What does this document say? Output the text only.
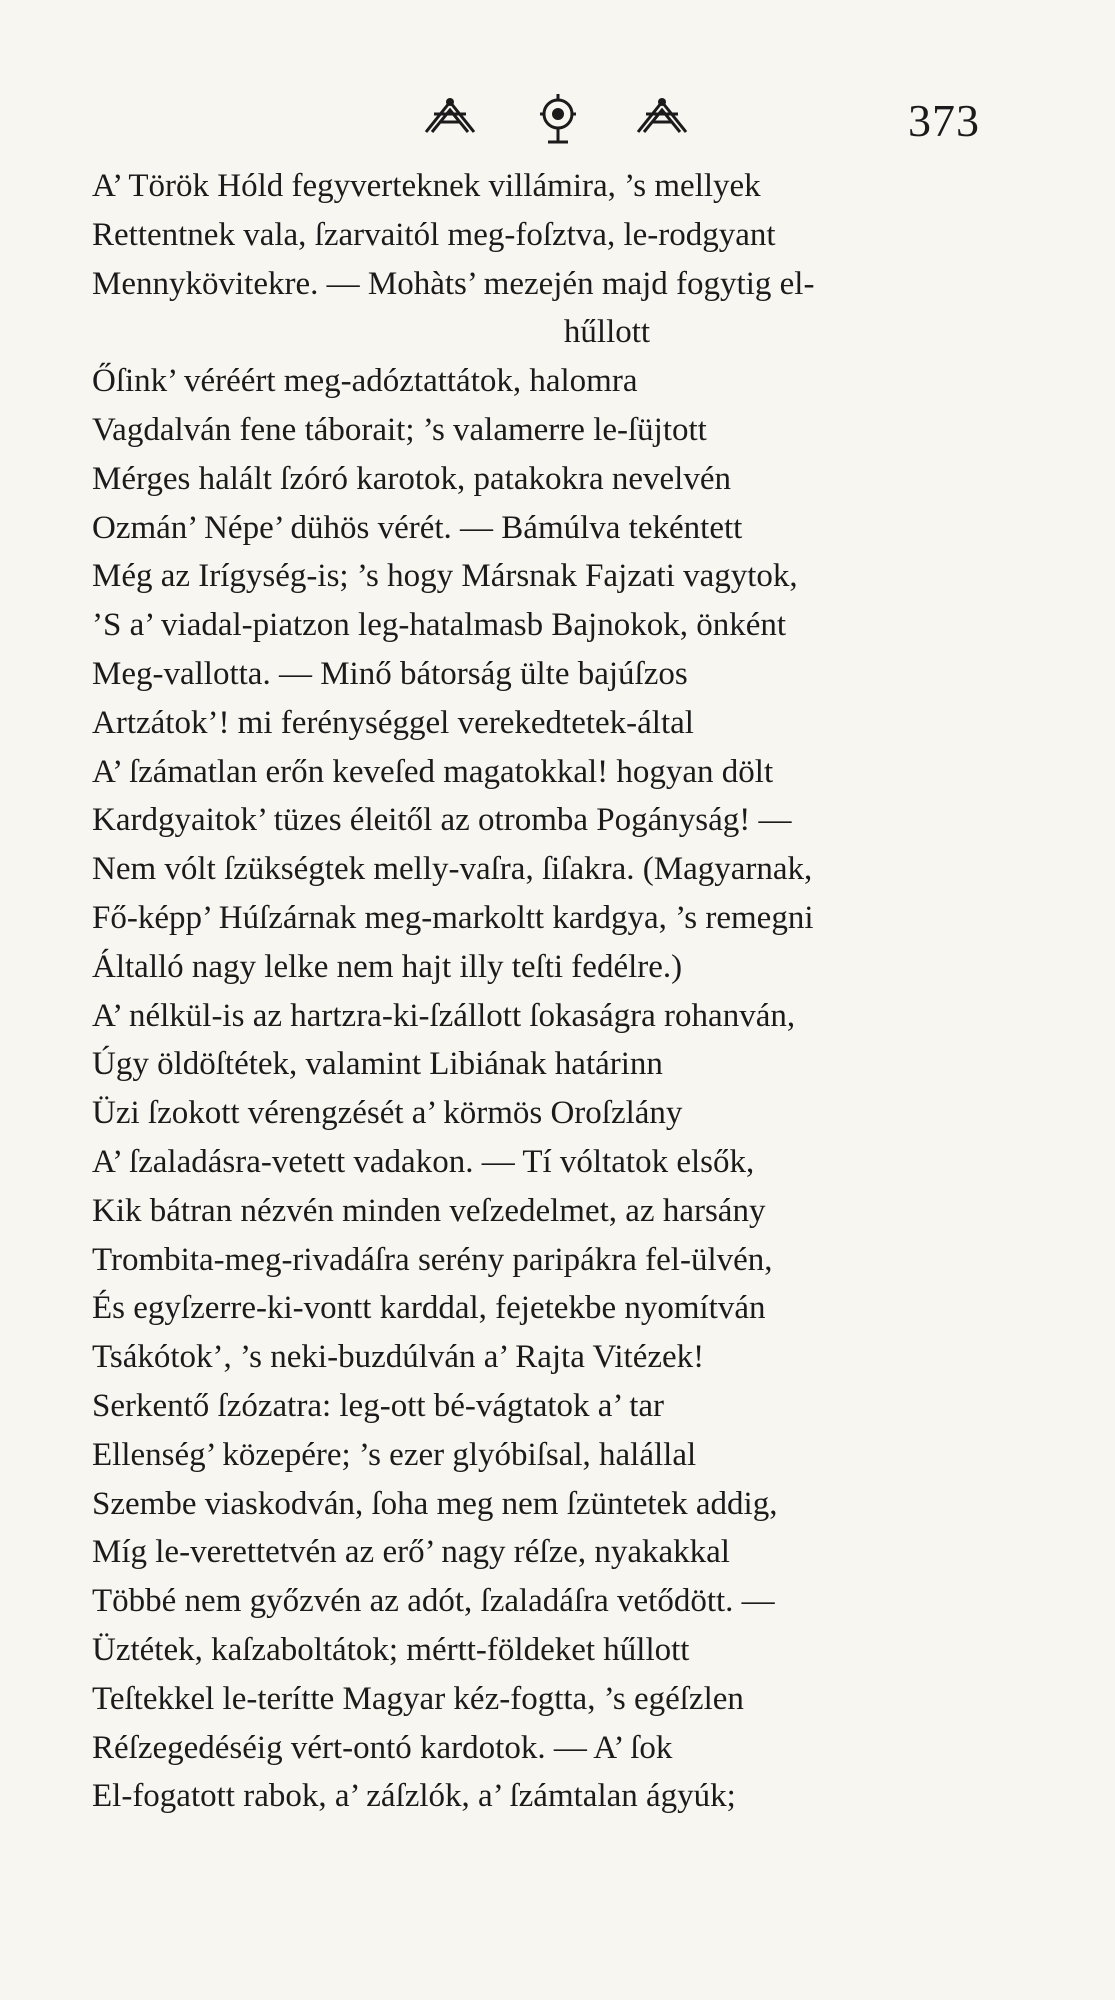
373
A’ Török Hóld fegyverteknek villámira, ’s mellyek
Rettentnek vala, ſzarvaitól meg-foſztva, le-rodgyant
Mennykövitekre. — Mohàts’ mezején majd fogytig el-
hűllott
Őſink’ véréért meg-adóztattátok, halomra
Vagdalván fene táborait; ’s valamerre le-ſüjtott
Mérges halált ſzóró karotok, patakokra nevelvén
Ozmán’ Népe’ dühös vérét. — Bámúlva tekéntett
Még az Irígység-is; ’s hogy Mársnak Fajzati vagytok,
’S a’ viadal-piatzon leg-hatalmasb Bajnokok, önként
Meg-vallotta. — Minő bátorság ülte bajúſzos
Artzátok’! mi ferénységgel verekedtetek-által
A’ ſzámatlan erőn keveſed magatokkal! hogyan dölt
Kardgyaitok’ tüzes éleitől az otromba Pogányság! —
Nem vólt ſzükségtek melly-vaſra, ſiſakra. (Magyarnak,
Fő-képp’ Húſzárnak meg-markoltt kardgya, ’s remegni
Általló nagy lelke nem hajt illy teſti fedélre.)
A’ nélkül-is az hartzra-ki-ſzállott ſokaságra rohanván,
Úgy öldöſtétek, valamint Libiának határinn
Üzi ſzokott vérengzését a’ körmös Oroſzlány
A’ ſzaladásra-vetett vadakon. — Tí vóltatok elsők,
Kik bátran nézvén minden veſzedelmet, az harsány
Trombita-meg-rivadáſra serény paripákra fel-ülvén,
És egyſzerre-ki-vontt karddal, fejetekbe nyomítván
Tsákótok’, ’s neki-buzdúlván a’ Rajta Vitézek!
Serkentő ſzózatra: leg-ott bé-vágtatok a’ tar
Ellenség’ közepére; ’s ezer glyóbiſsal, halállal
Szembe viaskodván, ſoha meg nem ſzüntetek addig,
Míg le-verettetvén az erő’ nagy réſze, nyakakkal
Többé nem győzvén az adót, ſzaladáſra vetődött. —
Üztétek, kaſzaboltátok; mértt-földeket hűllott
Teſtekkel le-terítte Magyar kéz-fogtta, ’s egéſzlen
Réſzegedéséig vért-ontó kardotok. — A’ ſok
El-fogatott rabok, a’ záſzlók, a’ ſzámtalan ágyúk;
